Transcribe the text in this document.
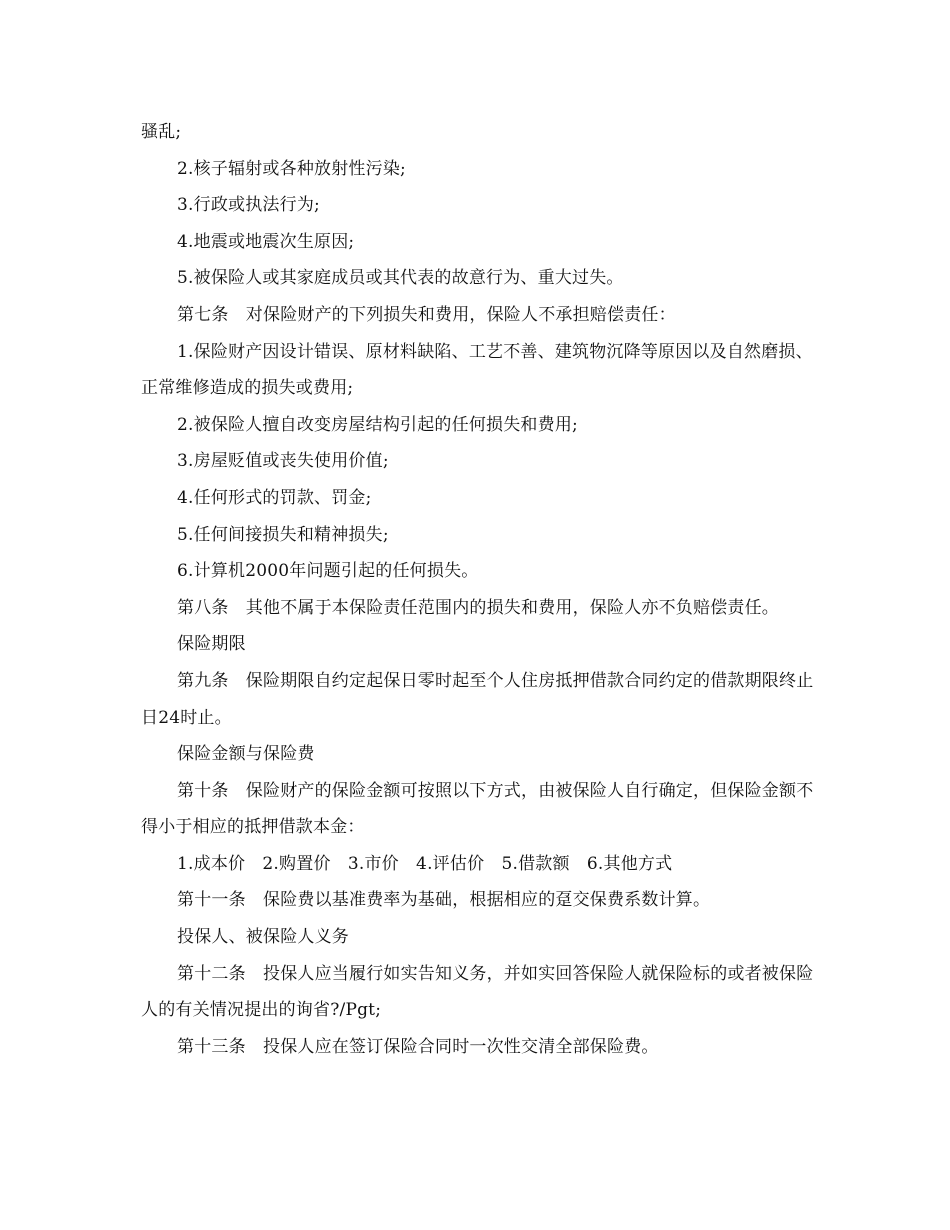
骚乱;

2.核子辐射或各种放射性污染;

3.行政或执法行为;

4.地震或地震次生原因;

5.被保险人或其家庭成员或其代表的故意行为、重大过失。

第七条　对保险财产的下列损失和费用，保险人不承担赔偿责任：

1.保险财产因设计错误、原材料缺陷、工艺不善、建筑物沉降等原因以及自然磨损、正常维修造成的损失或费用;

2.被保险人擅自改变房屋结构引起的任何损失和费用;

3.房屋贬值或丧失使用价值;

4.任何形式的罚款、罚金;

5.任何间接损失和精神损失;

6.计算机2000年问题引起的任何损失。

第八条　其他不属于本保险责任范围内的损失和费用，保险人亦不负赔偿责任。

保险期限

第九条　保险期限自约定起保日零时起至个人住房抵押借款合同约定的借款期限终止日24时止。

保险金额与保险费

第十条　保险财产的保险金额可按照以下方式，由被保险人自行确定，但保险金额不得小于相应的抵押借款本金：

1.成本价　2.购置价　3.市价　4.评估价　5.借款额　6.其他方式

第十一条　保险费以基准费率为基础，根据相应的趸交保费系数计算。

投保人、被保险人义务

第十二条　投保人应当履行如实告知义务，并如实回答保险人就保险标的或者被保险人的有关情况提出的询省?/Pgt;

第十三条　投保人应在签订保险合同时一次性交清全部保险费。
